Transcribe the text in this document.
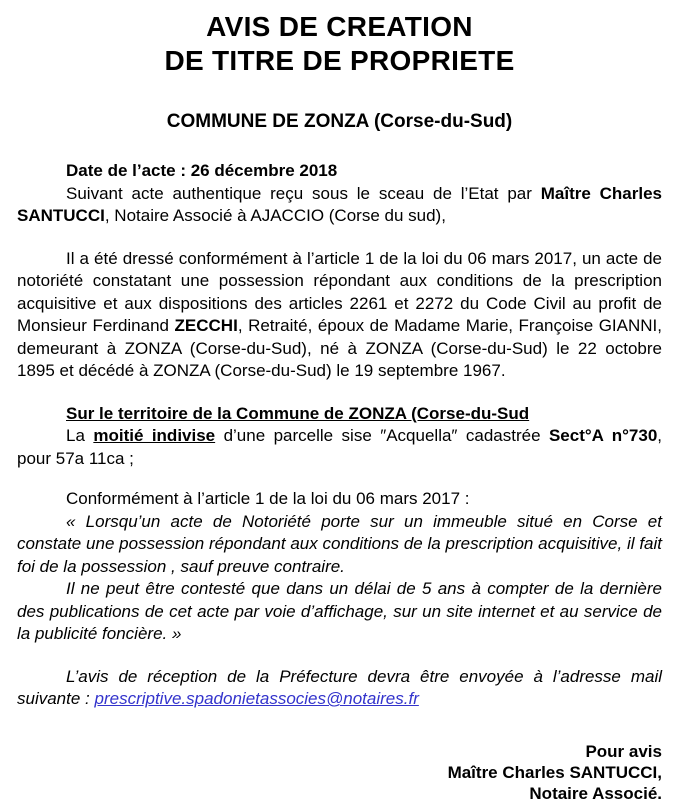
AVIS DE CREATION
DE TITRE DE PROPRIETE
COMMUNE DE ZONZA (Corse-du-Sud)
Date de l’acte : 26 décembre 2018
Suivant acte authentique reçu sous le sceau de l’Etat par Maître Charles SANTUCCI, Notaire Associé à AJACCIO (Corse du sud),

Il a été dressé conformément à l’article 1 de la loi du 06 mars 2017, un acte de notoriété constatant une possession répondant aux conditions de la prescription acquisitive et aux dispositions des articles 2261 et 2272 du Code Civil au profit de Monsieur Ferdinand ZECCHI, Retraité, époux de Madame Marie, Françoise GIANNI, demeurant à ZONZA (Corse-du-Sud), né à ZONZA (Corse-du-Sud) le 22 octobre 1895 et décédé à ZONZA (Corse-du-Sud) le 19 septembre 1967.

Sur le territoire de la Commune de ZONZA (Corse-du-Sud

La moitié indivise d’une parcelle sise ″Acquella″ cadastrée Sect°A n°730, pour 57a 11ca ;

Conformément à l’article 1 de la loi du 06 mars 2017 :

« Lorsqu’un acte de Notoriété porte sur un immeuble situé en Corse et constate une possession répondant aux conditions de la prescription acquisitive, il fait foi de la possession , sauf preuve contraire.

Il ne peut être contesté que dans un délai de 5 ans à compter de la dernière des publications de cet acte par voie d’affichage, sur un site internet et au service de la publicité foncière. »

L’avis de réception de la Préfecture devra être envoyée à l’adresse mail suivante : prescriptive.spadonietassocies@notaires.fr

Pour avis
Maître Charles SANTUCCI,
Notaire Associé.
